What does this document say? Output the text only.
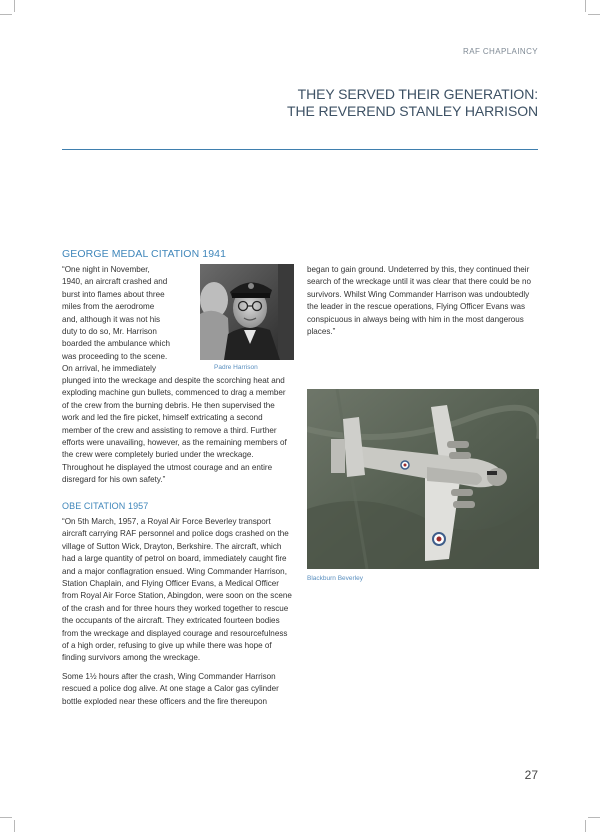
RAF CHAPLAINCY
THEY SERVED THEIR GENERATION:
THE REVEREND STANLEY HARRISON
GEORGE MEDAL CITATION 1941
“One night in November,
1940, an aircraft crashed and
burst into flames about three
miles from the aerodrome
and, although it was not his
duty to do so, Mr. Harrison
boarded the ambulance which
was proceeding to the scene.
On arrival, he immediately	Padre Harrison
plunged into the wreckage and despite the scorching heat and exploding machine gun bullets, commenced to drag a member of the crew from the burning debris. He then supervised the work and led the fire picket, himself extricating a second member of the crew and assisting to remove a third. Further efforts were unavailing, however, as the remaining members of the crew were completely buried under the wreckage. Throughout he displayed the utmost courage and an entire disregard for his own safety.”
OBE CITATION 1957

“On 5th March, 1957, a Royal Air Force Beverley transport aircraft carrying RAF personnel and police dogs crashed on the village of Sutton Wick, Drayton, Berkshire. The aircraft, which had a large quantity of petrol on board, immediately caught fire and a major conflagration ensued. Wing Commander Harrison, Station Chaplain, and Flying Officer Evans, a Medical Officer from Royal Air Force Station, Abingdon, were soon on the scene of the crash and for three hours they worked together to rescue the occupants of the aircraft. They extricated fourteen bodies from the wreckage and displayed courage and resourcefulness of a high order, refusing to give up while there was hope of finding survivors among the wreckage.

Some 1½ hours after the crash, Wing Commander Harrison rescued a police dog alive. At one stage a Calor gas cylinder bottle exploded near these officers and the fire thereupon

began to gain ground. Undeterred by this, they continued their search of the wreckage until it was clear that there could be no survivors. Whilst Wing Commander Harrison was undoubtedly the leader in the rescue operations, Flying Officer Evans was conspicuous in always being with him in the most dangerous places.”
Blackburn Beverley
27
